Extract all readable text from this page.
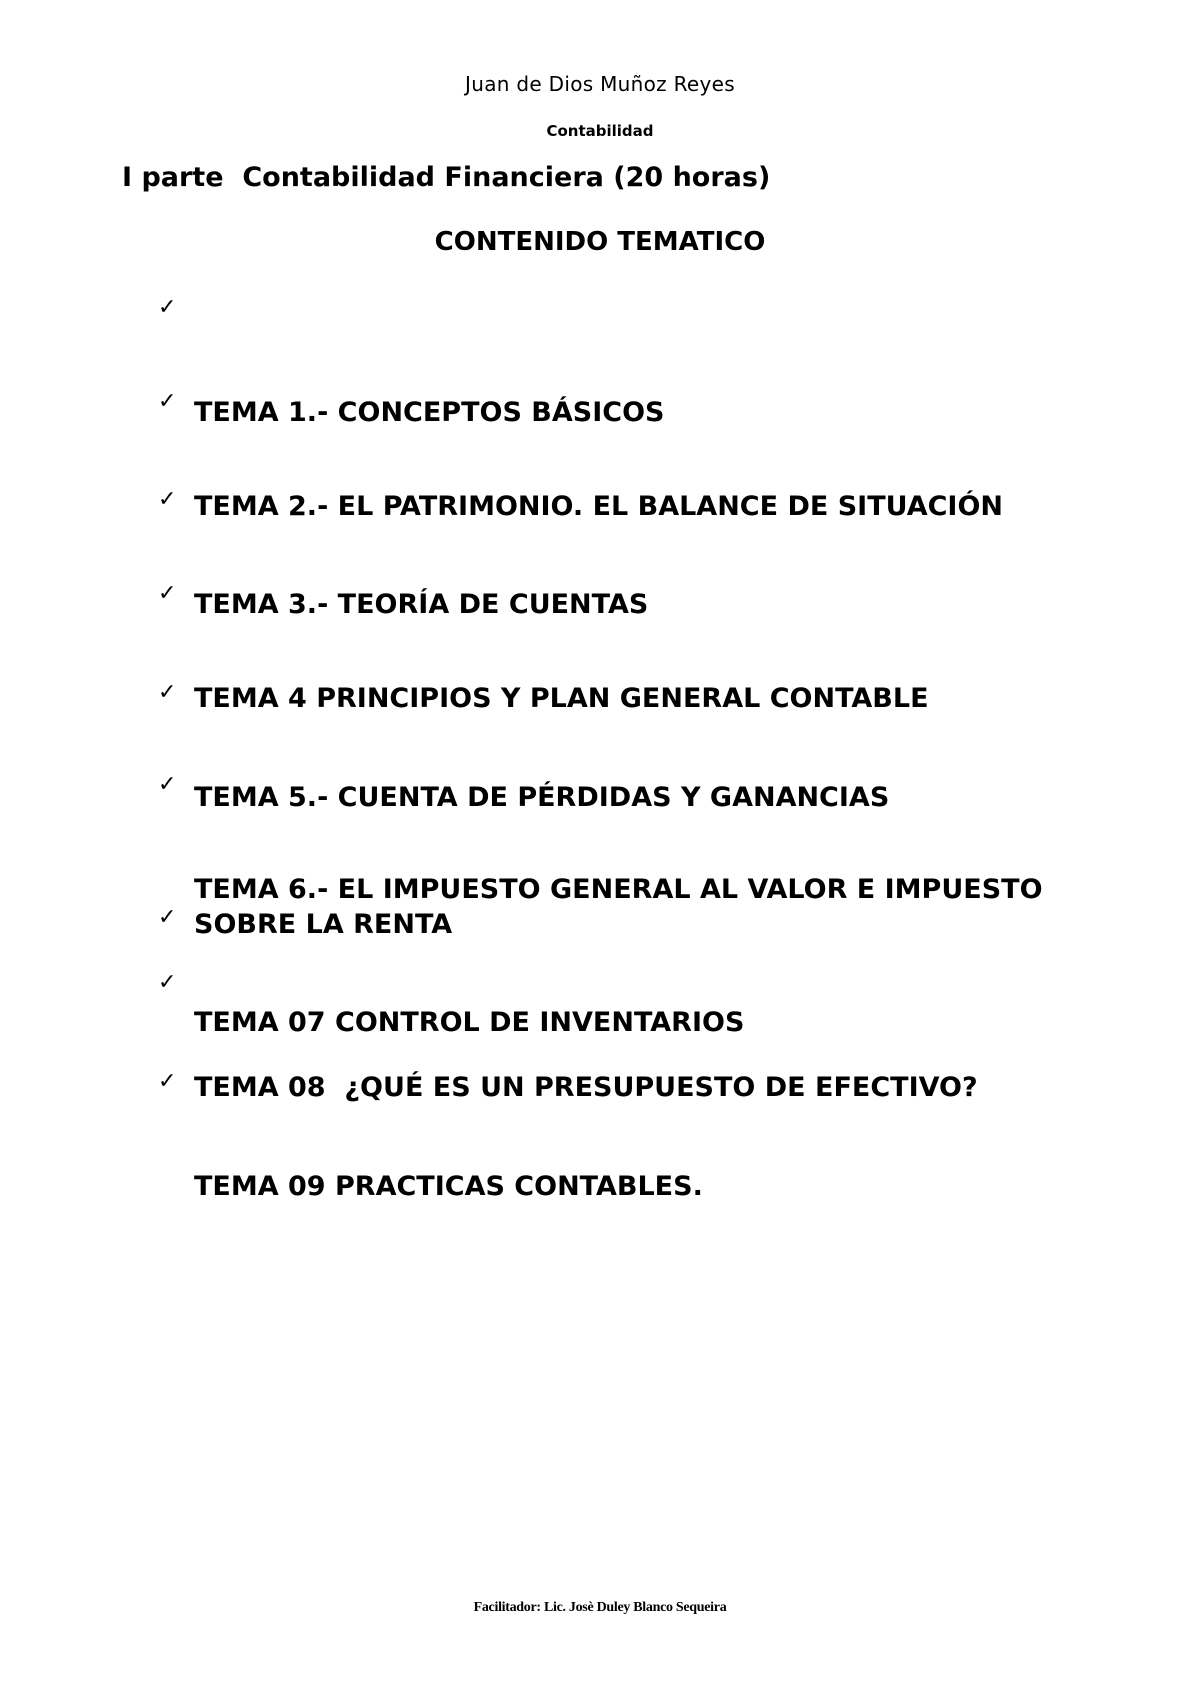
Juan de Dios Muñoz Reyes
Contabilidad
I parte  Contabilidad Financiera (20 horas)
CONTENIDO TEMATICO

✓

TEMA 1.- CONCEPTOS BÁSICOS

✓

TEMA 2.- EL PATRIMONIO. EL BALANCE DE SITUACIÓN

✓

TEMA 3.- TEORÍA DE CUENTAS

✓

TEMA 4 PRINCIPIOS Y PLAN GENERAL CONTABLE

✓

TEMA 5.- CUENTA DE PÉRDIDAS Y GANANCIAS

✓

TEMA 6.- EL IMPUESTO GENERAL AL VALOR E IMPUESTO SOBRE LA RENTA

✓

TEMA 07 CONTROL DE INVENTARIOS

✓

TEMA 08  ¿QUÉ ES UN PRESUPUESTO DE EFECTIVO?

✓

TEMA 09 PRACTICAS CONTABLES.

Facilitador: Lic. Josè Duley Blanco Sequeira
